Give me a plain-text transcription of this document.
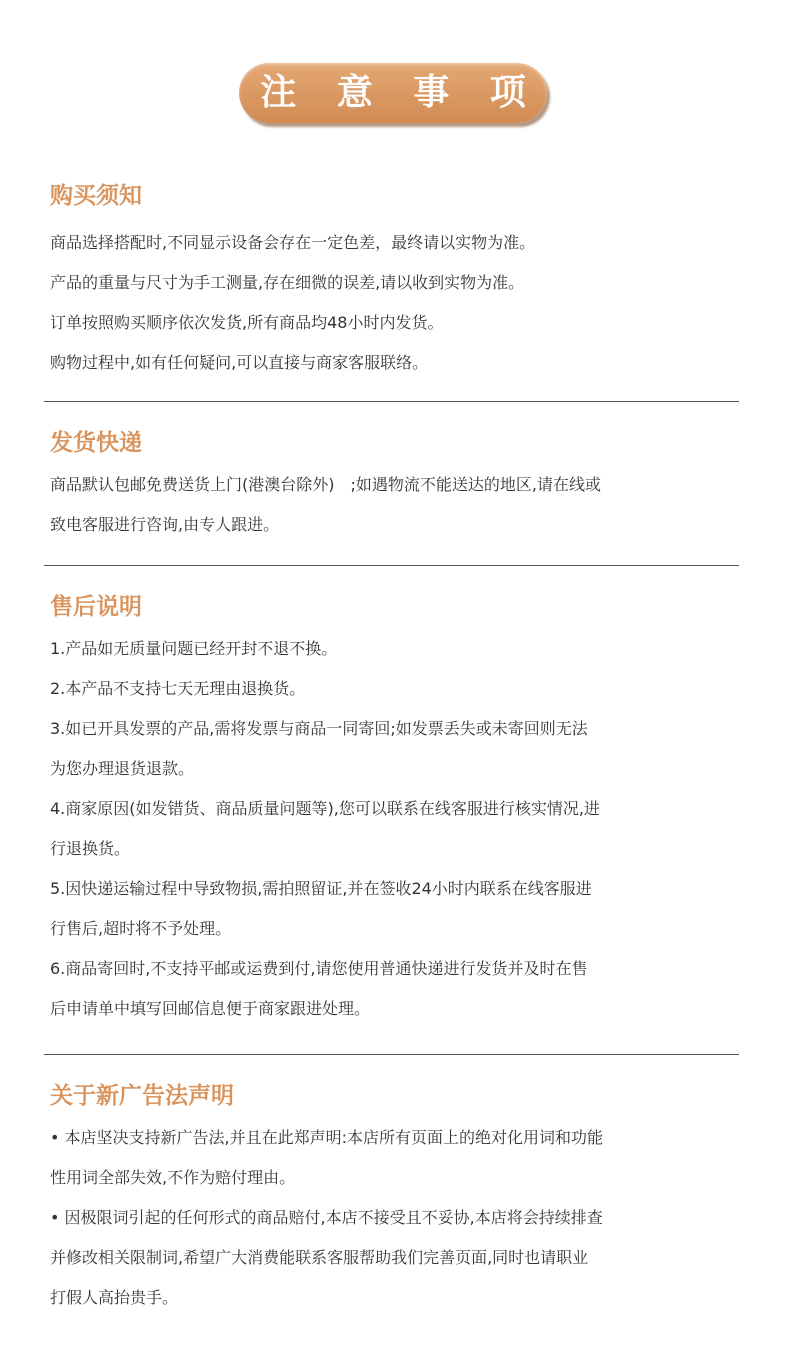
注 意 事 项
购买须知

商品选择搭配时,不同显示设备会存在一定色差，最终请以实物为准。

产品的重量与尺寸为手工测量,存在细微的误差,请以收到实物为准。

订单按照购买顺序依次发货,所有商品均48小时内发货。

购物过程中,如有任何疑问,可以直接与商家客服联络。

发货快递

商品默认包邮免费送货上门(港澳台除外)　;如遇物流不能送达的地区,请在线或

致电客服进行咨询,由专人跟进。

售后说明

1.产品如无质量问题已经开封不退不换。

2.本产品不支持七天无理由退换货。

3.如已开具发票的产品,需将发票与商品一同寄回;如发票丢失或未寄回则无法

为您办理退货退款。

4.商家原因(如发错货、商品质量问题等),您可以联系在线客服进行核实情况,进

行退换货。

5.因快递运输过程中导致物损,需拍照留证,并在签收24小时内联系在线客服进

行售后,超时将不予处理。

6.商品寄回时,不支持平邮或运费到付,请您使用普通快递进行发货并及时在售

后申请单中填写回邮信息便于商家跟进处理。

关于新广告法声明

• 本店坚决支持新广告法,并且在此郑声明:本店所有页面上的绝对化用词和功能

性用词全部失效,不作为赔付理由。

• 因极限词引起的任何形式的商品赔付,本店不接受且不妥协,本店将会持续排查

并修改相关限制词,希望广大消费能联系客服帮助我们完善页面,同时也请职业

打假人高抬贵手。
